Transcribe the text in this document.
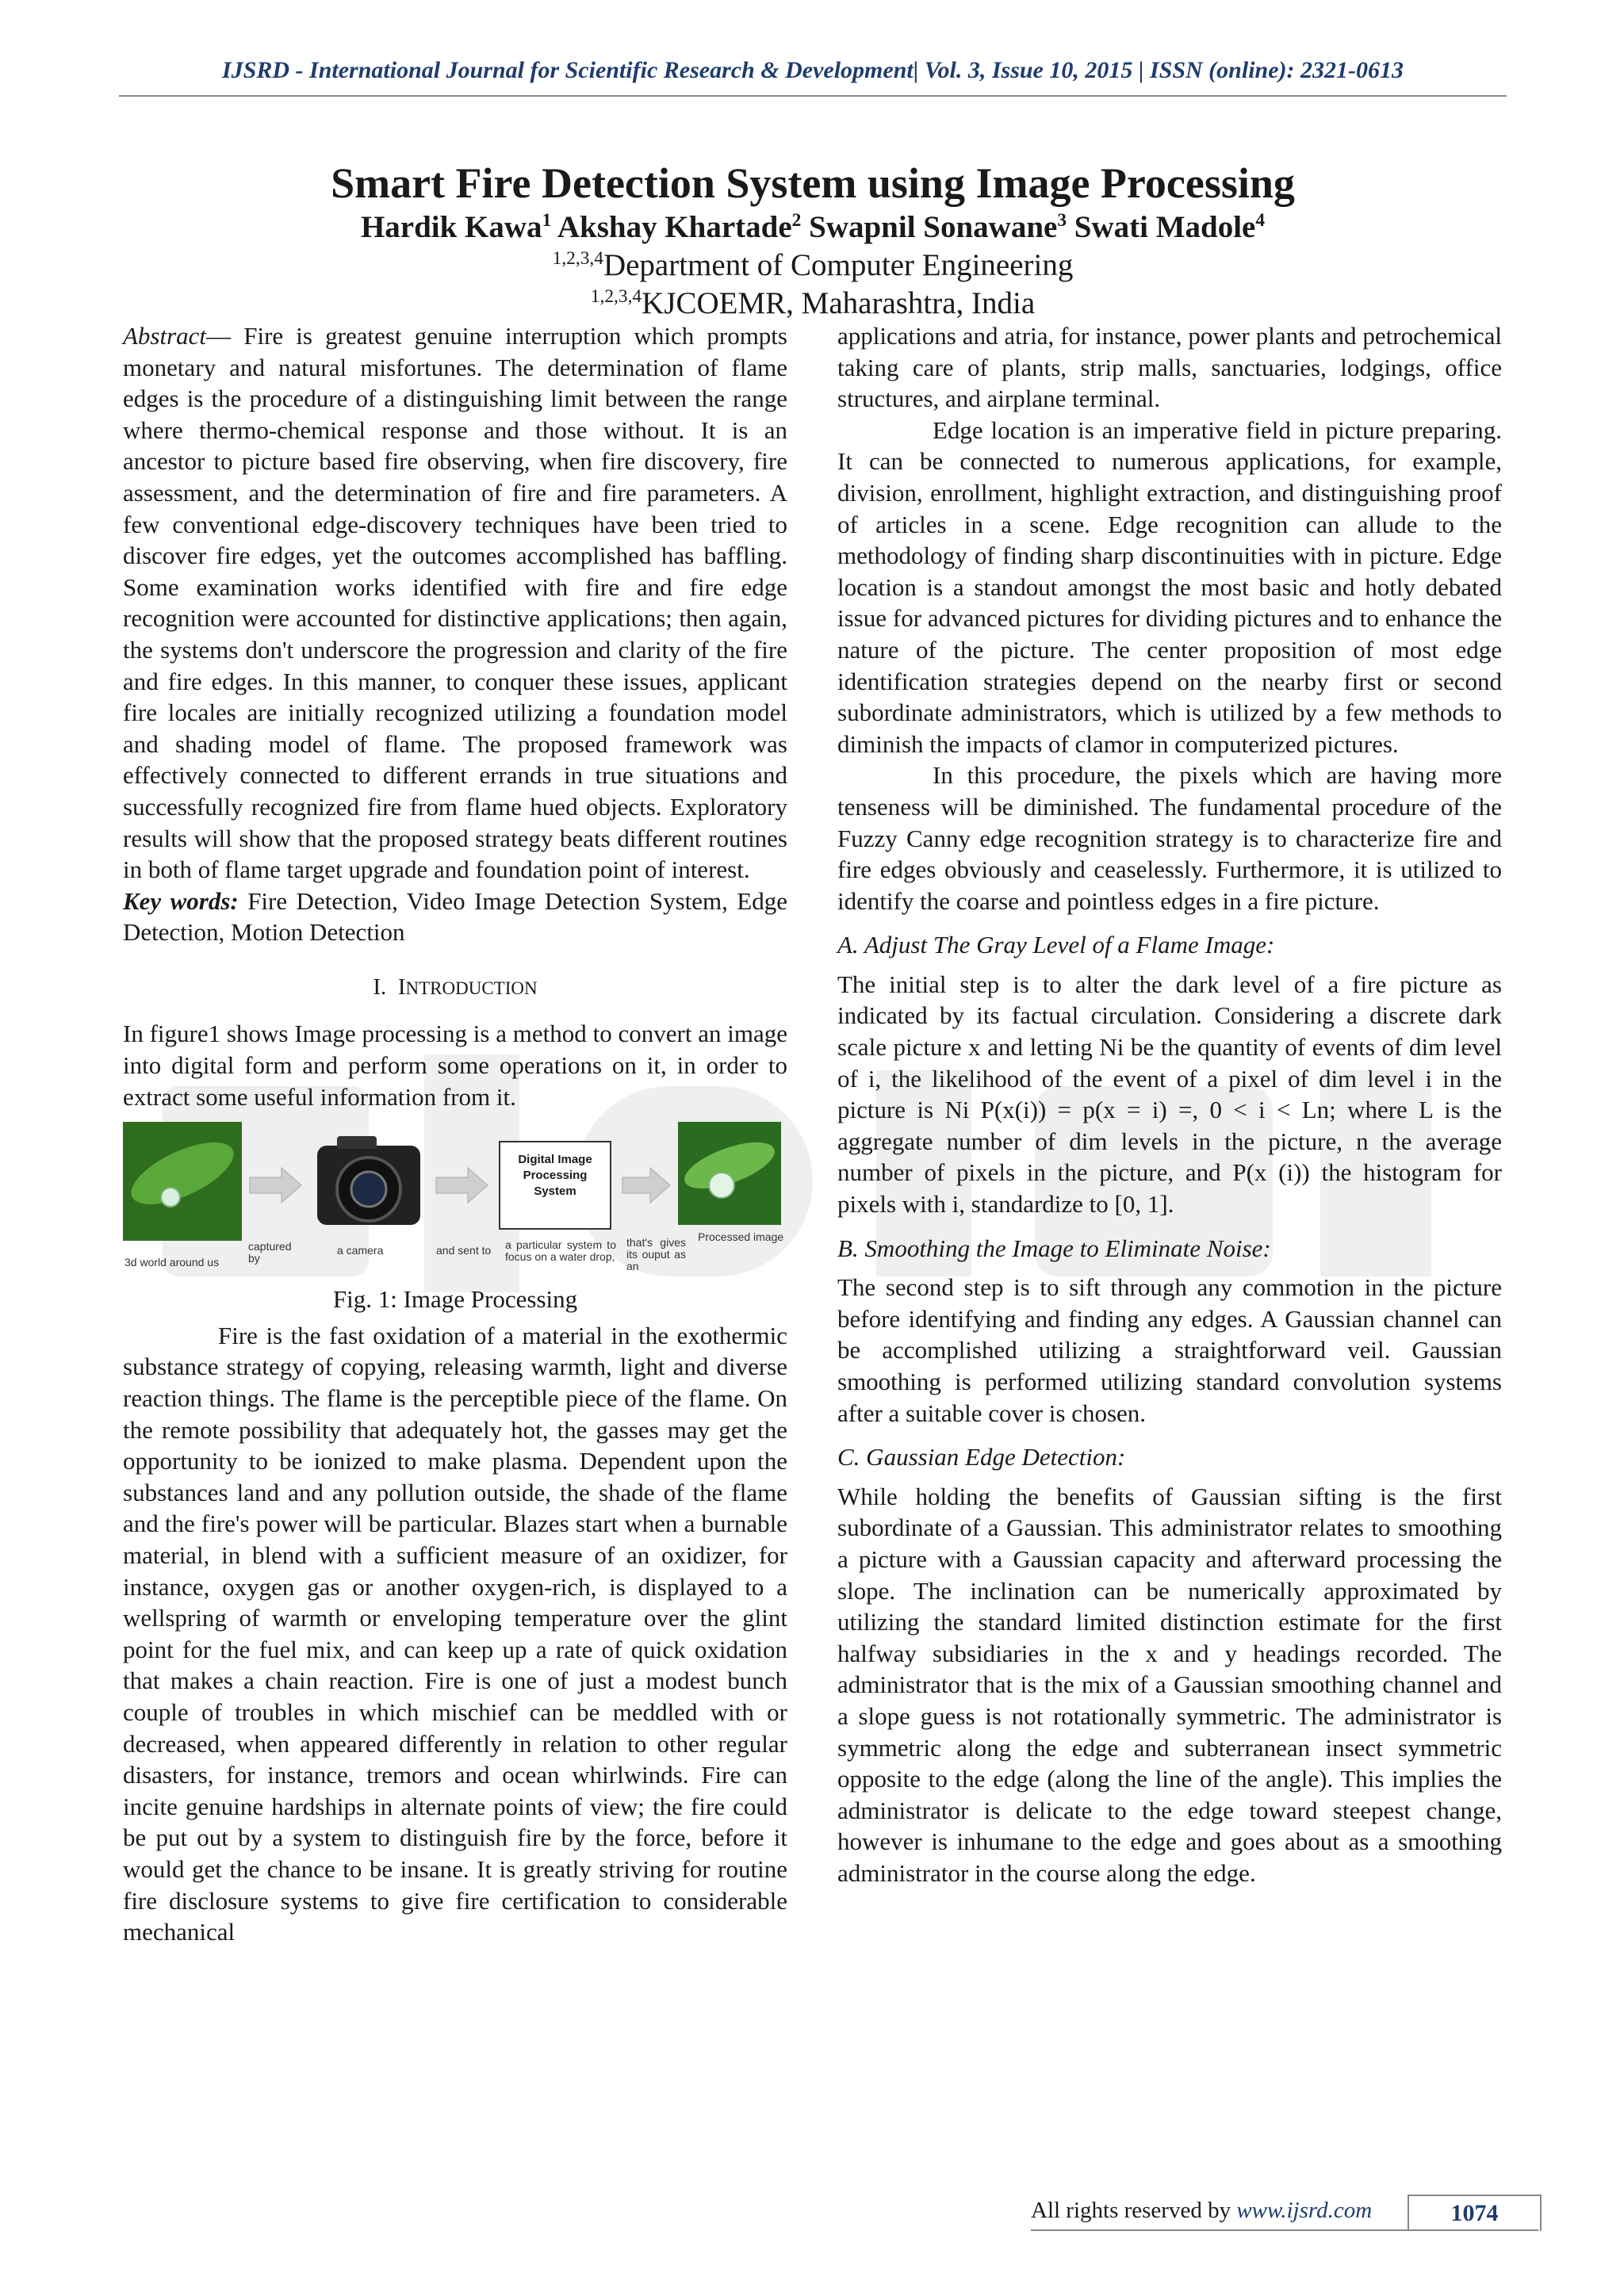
IJSRD - International Journal for Scientific Research & Development| Vol. 3, Issue 10, 2015 | ISSN (online): 2321-0613
Smart Fire Detection System using Image Processing
Hardik Kawa$^1$ Akshay Khartade$^2$ Swapnil Sonawane$^3$ Swati Madole$^4$
$^{1,2,3,4}$Department of Computer Engineering
$^{1,2,3,4}$KJCOEMR, Maharashtra, India

Abstract— Fire is greatest genuine interruption which prompts monetary and natural misfortunes. The determination of flame edges is the procedure of a distinguishing limit between the range where thermo-chemical response and those without. It is an ancestor to picture based fire observing, when fire discovery, fire assessment, and the determination of fire and fire parameters. A few conventional edge-discovery techniques have been tried to discover fire edges, yet the outcomes accomplished has baffling. Some examination works identified with fire and fire edge recognition were accounted for distinctive applications; then again, the systems don't underscore the progression and clarity of the fire and fire edges. In this manner, to conquer these issues, applicant fire locales are initially recognized utilizing a foundation model and shading model of flame. The proposed framework was effectively connected to different errands in true situations and successfully recognized fire from flame hued objects. Exploratory results will show that the proposed strategy beats different routines in both of flame target upgrade and foundation point of interest.

Key words: Fire Detection, Video Image Detection System, Edge Detection, Motion Detection

I. INTRODUCTION

In figure1 shows Image processing is a method to convert an image into digital form and perform some operations on it, in order to extract some useful information from it.

Digital Image Processing System
3d world around us
captured by
a camera	and sent to	a particular system to focus on a water drop,
that's gives its ouput as an
Processed image
Fig. 1: Image Processing

Fire is the fast oxidation of a material in the exothermic substance strategy of copying, releasing warmth, light and diverse reaction things. The flame is the perceptible piece of the flame. On the remote possibility that adequately hot, the gasses may get the opportunity to be ionized to make plasma. Dependent upon the substances land and any pollution outside, the shade of the flame and the fire's power will be particular. Blazes start when a burnable material, in blend with a sufficient measure of an oxidizer, for instance, oxygen gas or another oxygen-rich, is displayed to a wellspring of warmth or enveloping temperature over the glint point for the fuel mix, and can keep up a rate of quick oxidation that makes a chain reaction. Fire is one of just a modest bunch couple of troubles in which mischief can be meddled with or decreased, when appeared differently in relation to other regular disasters, for instance, tremors and ocean whirlwinds. Fire can incite genuine hardships in alternate points of view; the fire could be put out by a system to distinguish fire by the force, before it would get the chance to be insane. It is greatly striving for routine fire disclosure systems to give fire certification to considerable mechanical

applications and atria, for instance, power plants and petrochemical taking care of plants, strip malls, sanctuaries, lodgings, office structures, and airplane terminal.

Edge location is an imperative field in picture preparing. It can be connected to numerous applications, for example, division, enrollment, highlight extraction, and distinguishing proof of articles in a scene. Edge recognition can allude to the methodology of finding sharp discontinuities with in picture. Edge location is a standout amongst the most basic and hotly debated issue for advanced pictures for dividing pictures and to enhance the nature of the picture. The center proposition of most edge identification strategies depend on the nearby first or second subordinate administrators, which is utilized by a few methods to diminish the impacts of clamor in computerized pictures.

In this procedure, the pixels which are having more tenseness will be diminished. The fundamental procedure of the Fuzzy Canny edge recognition strategy is to characterize fire and fire edges obviously and ceaselessly. Furthermore, it is utilized to identify the coarse and pointless edges in a fire picture.

A. Adjust The Gray Level of a Flame Image:

The initial step is to alter the dark level of a fire picture as indicated by its factual circulation. Considering a discrete dark scale picture x and letting Ni be the quantity of events of dim level of i, the likelihood of the event of a pixel of dim level i in the picture is Ni P(x(i)) = p(x = i) =, 0 < i < Ln; where L is the aggregate number of dim levels in the picture, n the average number of pixels in the picture, and P(x (i)) the histogram for pixels with i, standardize to [0, 1].

B. Smoothing the Image to Eliminate Noise:

The second step is to sift through any commotion in the picture before identifying and finding any edges. A Gaussian channel can be accomplished utilizing a straightforward veil. Gaussian smoothing is performed utilizing standard convolution systems after a suitable cover is chosen.

C. Gaussian Edge Detection:

While holding the benefits of Gaussian sifting is the first subordinate of a Gaussian. This administrator relates to smoothing a picture with a Gaussian capacity and afterward processing the slope. The inclination can be numerically approximated by utilizing the standard limited distinction estimate for the first halfway subsidiaries in the x and y headings recorded. The administrator that is the mix of a Gaussian smoothing channel and a slope guess is not rotationally symmetric. The administrator is symmetric along the edge and subterranean insect symmetric opposite to the edge (along the line of the angle). This implies the administrator is delicate to the edge toward steepest change, however is inhumane to the edge and goes about as a smoothing administrator in the course along the edge.

All rights reserved by www.ijsrd.com	1074
